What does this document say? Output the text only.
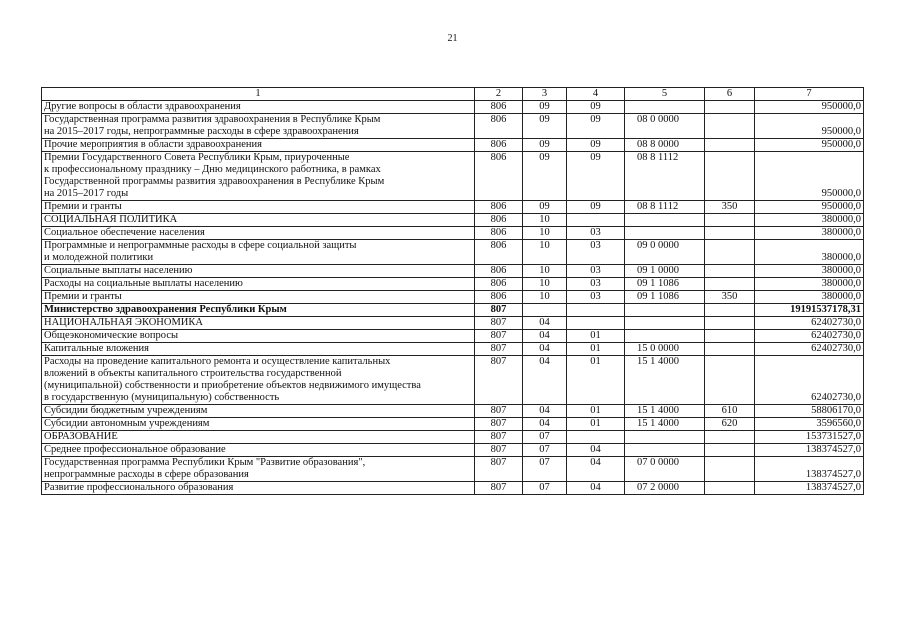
21
1	2	3	4	5	6	7
Другие вопросы в области здравоохранения	806	09	09			950000,0
Государственная программа развития здравоохранения в Республике Крым
на 2015–2017 годы, непрограммные расходы в сфере здравоохранения	806	09	09	08 0 0000		950000,0
Прочие мероприятия в области здравоохранения	806	09	09	08 8 0000		950000,0
Премии Государственного Совета Республики Крым, приуроченные
к профессиональному празднику – Дню медицинского работника, в рамках
Государственной программы развития здравоохранения в Республике Крым
на 2015–2017 годы	806	09	09	08 8 1112		950000,0
Премии и гранты	806	09	09	08 8 1112	350	950000,0
СОЦИАЛЬНАЯ ПОЛИТИКА	806	10				380000,0
Социальное обеспечение населения	806	10	03			380000,0
Программные и непрограммные расходы в сфере социальной защиты
и молодежной политики	806	10	03	09 0 0000		380000,0
Социальные выплаты населению	806	10	03	09 1 0000		380000,0
Расходы на социальные выплаты населению	806	10	03	09 1 1086		380000,0
Премии и гранты	806	10	03	09 1 1086	350	380000,0
Министерство здравоохранения Республики Крым	807					19191537178,31
НАЦИОНАЛЬНАЯ ЭКОНОМИКА	807	04				62402730,0
Общеэкономические вопросы	807	04	01			62402730,0
Капитальные вложения	807	04	01	15 0 0000		62402730,0
Расходы на проведение капитального ремонта и осуществление капитальных
вложений в объекты капитального строительства государственной
(муниципальной) собственности и приобретение объектов недвижимого имущества
в государственную (муниципальную) собственность	807	04	01	15 1 4000		62402730,0
Субсидии бюджетным учреждениям	807	04	01	15 1 4000	610	58806170,0
Субсидии автономным учреждениям	807	04	01	15 1 4000	620	3596560,0
ОБРАЗОВАНИЕ	807	07				153731527,0
Среднее профессиональное образование	807	07	04			138374527,0
Государственная программа Республики Крым "Развитие образования",
непрограммные расходы в сфере образования	807	07	04	07 0 0000		138374527,0
Развитие профессионального образования	807	07	04	07 2 0000		138374527,0
